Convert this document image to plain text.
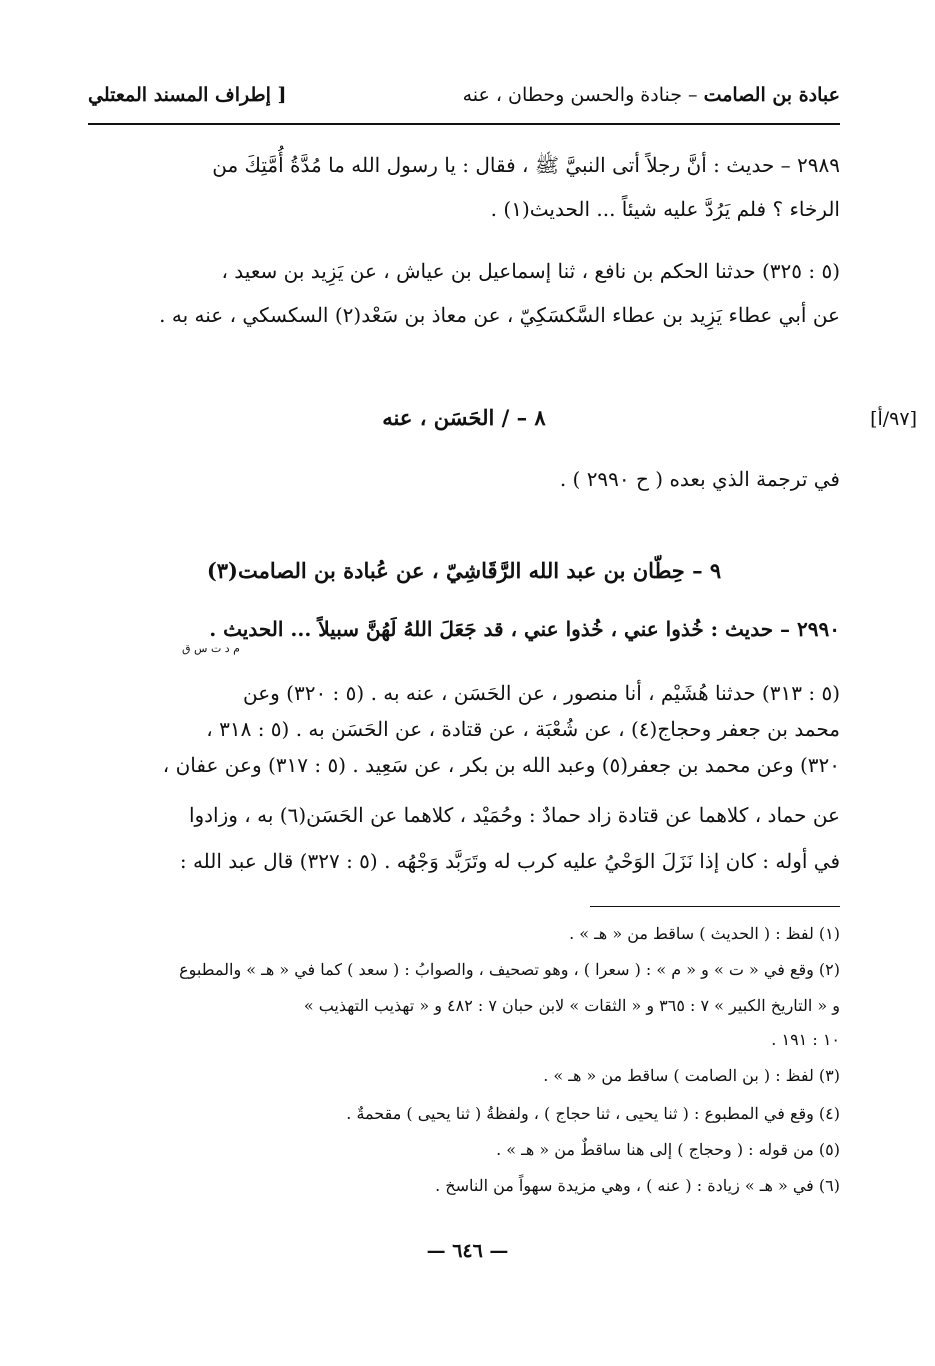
عبادة بن الصامت – جنادة والحسن وحطان ، عنه
[ إطراف المسند المعتلي
٢٩٨٩ – حديث : أنَّ رجلاً أتى النبيَّ ﷺ ، فقال : يا رسول الله ما مُدَّةُ أُمَّتِكَ من
الرخاء ؟ فلم يَرُدَّ عليه شيئاً ... الحديث(١) .
(٥ : ٣٢٥) حدثنا الحكم بن نافع ، ثنا إسماعيل بن عياش ، عن يَزِيد بن سعيد ،
عن أبي عطاء يَزِيد بن عطاء السَّكسَكِيّ ، عن معاذ بن سَعْد(٢) السكسكي ، عنه به .
[٩٧/أ]
٨ – / الحَسَن ، عنه
في ترجمة الذي بعده ( ح ٢٩٩٠ ) .
٩ – حِطّان بن عبد الله الرَّقَاشِيّ ، عن عُبادة بن الصامت(٣)
٢٩٩٠ – حديث : خُذوا عني ، خُذوا عني ، قد جَعَلَ اللهُ لَهُنَّ سبيلاً ... الحديث .
م د ت س ق
(٥ : ٣١٣) حدثنا هُشَيْم ، أنا منصور ، عن الحَسَن ، عنه به . (٥ : ٣٢٠) وعن
محمد بن جعفر وحجاج(٤) ، عن شُعْبَة ، عن قتادة ، عن الحَسَن به . (٥ : ٣١٨ ،
٣٢٠) وعن محمد بن جعفر(٥) وعبد الله بن بكر ، عن سَعِيد . (٥ : ٣١٧) وعن عفان ،
عن حماد ، كلاهما عن قتادة زاد حمادٌ : وحُمَيْد ، كلاهما عن الحَسَن(٦) به ، وزادوا
في أوله : كان إذا نَزَلَ الوَحْيُ عليه كرب له وتَرَبَّد وَجْهُه . (٥ : ٣٢٧) قال عبد الله :
(١) لفظ : ( الحديث ) ساقط من « هـ » .
(٢) وقع في « ت » و « م » : ( سعرا ) ، وهو تصحيف ، والصوابُ : ( سعد ) كما في « هـ » والمطبوع
و « التاريخ الكبير » ٧ : ٣٦٥ و « الثقات » لابن حبان ٧ : ٤٨٢ و « تهذيب التهذيب »
١٠ : ١٩١ .
(٣) لفظ : ( بن الصامت ) ساقط من « هـ » .
(٤) وقع في المطبوع : ( ثنا يحيى ، ثنا حجاج ) ، ولفظةُ ( ثنا يحيى ) مقحمةٌ .
(٥) من قوله : ( وحجاج ) إلى هنا ساقطٌ من « هـ » .
(٦) في « هـ » زيادة : ( عنه ) ، وهي مزيدة سهواً من الناسخ .
— ٦٤٦ —
